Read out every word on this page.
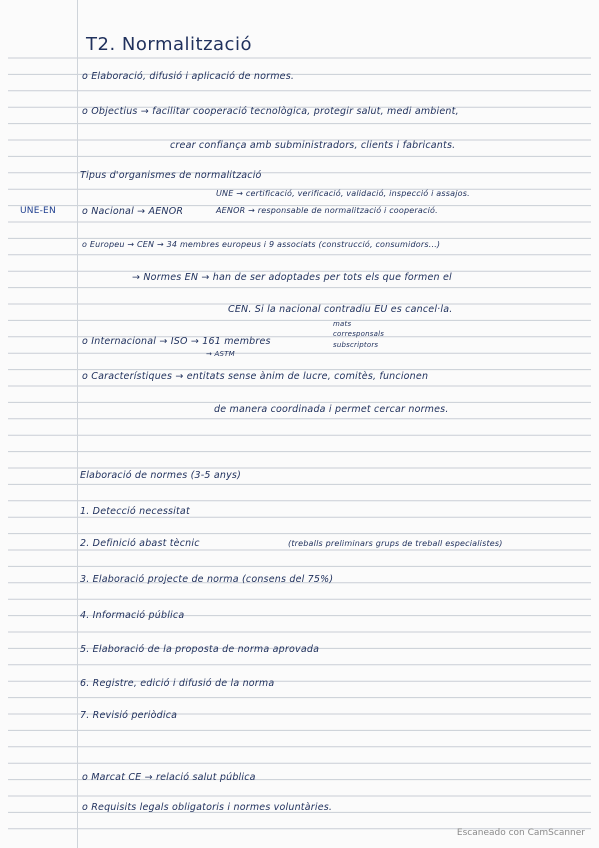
T2. Normalització
o Elaboració, difusió i aplicació de normes.
o Objectius → facilitar cooperació tecnològica, protegir salut, medi ambient,
crear confiança amb subministradors, clients i fabricants.
Tipus d'organismes de normalització
UNE-EN
UNE → certificació, verificació, validació, inspecció i assajos.
o Nacional → AENOR	AENOR → responsable de normalització i cooperació.
o Europeu → CEN → 34 membres europeus i 9 associats (construcció, consumidors...)
→ Normes EN → han de ser adoptades per tots els que formen el
CEN. Si la nacional contradiu EU es cancel·la.
mats
corresponsals
o Internacional → ISO → 161 membres	subscriptors
→ ASTM
o Característiques → entitats sense ànim de lucre, comitès, funcionen
de manera coordinada i permet cercar normes.
Elaboració de normes (3-5 anys)
1. Detecció necessitat
2. Definició abast tècnic	(treballs preliminars grups de treball especialistes)
3. Elaboració projecte de norma (consens del 75%)
4. Informació pública
5. Elaboració de la proposta de norma aprovada
6. Registre, edició i difusió de la norma
7. Revisió periòdica
o Marcat CE → relació salut pública
o Requisits legals obligatoris i normes voluntàries.
Escaneado con CamScanner
